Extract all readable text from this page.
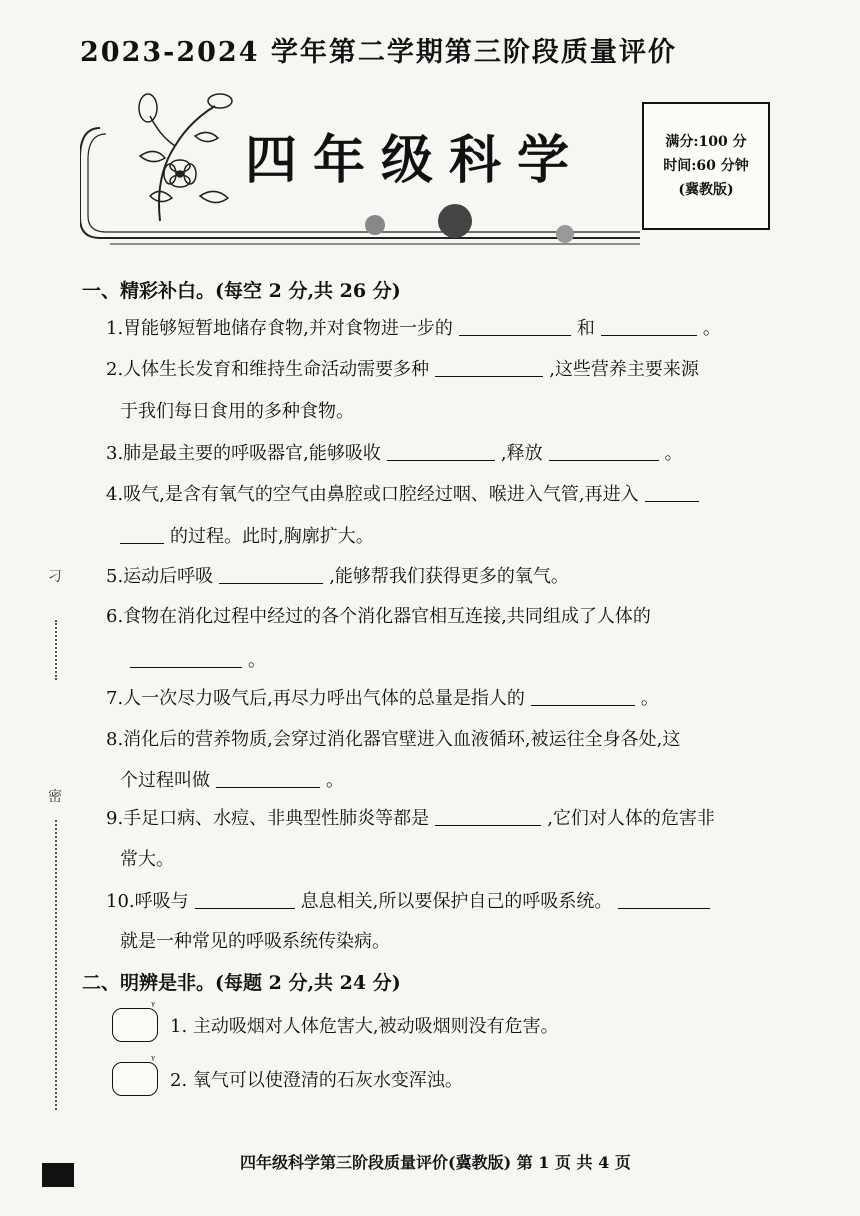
2023-2024 学年第二学期第三阶段质量评价
四年级科学	满分:100 分
时间:60 分钟
(冀教版)
一、精彩补白。(每空 2 分,共 26 分)
1.胃能够短暂地储存食物,并对食物进一步的	和	。
2.人体生长发育和维持生命活动需要多种	,这些营养主要来源
于我们每日食用的多种食物。
3.肺是最主要的呼吸器官,能够吸收	,释放	。
4.吸气,是含有氧气的空气由鼻腔或口腔经过咽、喉进入气管,再进入
的过程。此时,胸廓扩大。
5.运动后呼吸	,能够帮我们获得更多的氧气。
6.食物在消化过程中经过的各个消化器官相互连接,共同组成了人体的
。
7.人一次尽力吸气后,再尽力呼出气体的总量是指人的	。
8.消化后的营养物质,会穿过消化器官壁进入血液循环,被运往全身各处,这
个过程叫做	。
9.手足口病、水痘、非典型性肺炎等都是	,它们对人体的危害非
常大。
10.呼吸与	息息相关,所以要保护自己的呼吸系统。
就是一种常见的呼吸系统传染病。
二、明辨是非。(每题 2 分,共 24 分)
ᵞ
1. 主动吸烟对人体危害大,被动吸烟则没有危害。
ᵞ
2. 氧气可以使澄清的石灰水变浑浊。
刁
密
四年级科学第三阶段质量评价(冀教版) 第 1 页 共 4 页
